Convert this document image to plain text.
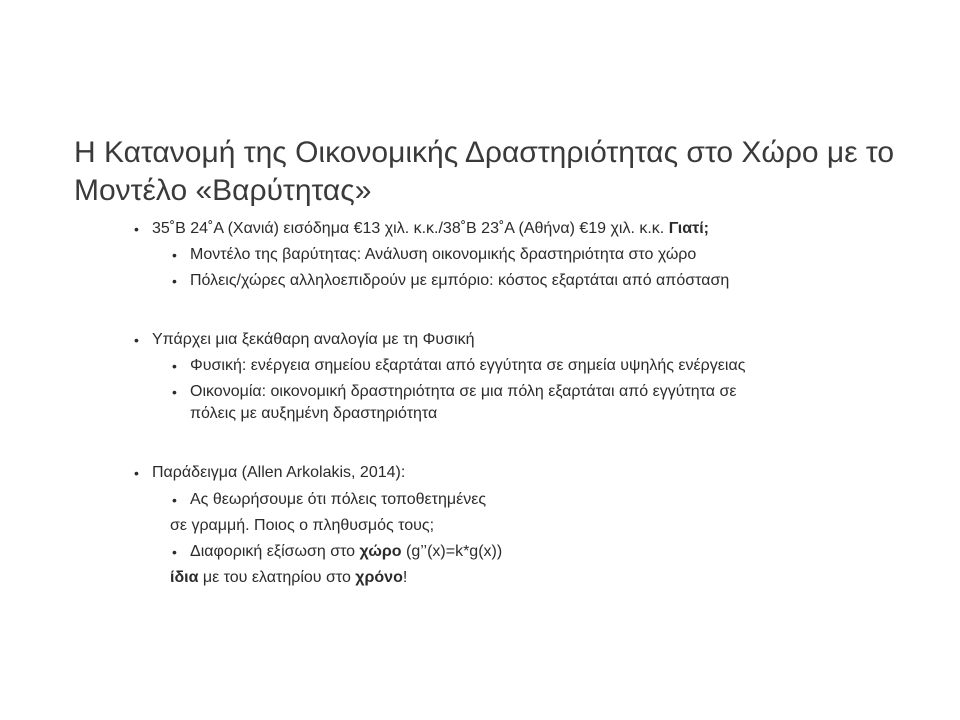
Η Κατανομή της Οικονομικής Δραστηριότητας στο Χώρο με το
Μοντέλο «Βαρύτητας»
• 35˚Β 24˚Α (Χανιά) εισόδημα €13 χιλ. κ.κ./38˚Β 23˚Α (Αθήνα) €19 χιλ. κ.κ. Γιατί;
• Μοντέλο της βαρύτητας: Ανάλυση οικονομικής δραστηριότητα στο χώρο
• Πόλεις/χώρες αλληλοεπιδρούν με εμπόριο: κόστος εξαρτάται από απόσταση
• Υπάρχει μια ξεκάθαρη αναλογία με τη Φυσική
• Φυσική: ενέργεια σημείου εξαρτάται από εγγύτητα σε σημεία υψηλής ενέργειας
• Οικονομία: οικονομική δραστηριότητα σε μια πόλη εξαρτάται από εγγύτητα σε
πόλεις με αυξημένη δραστηριότητα
• Παράδειγμα (Allen Arkolakis, 2014):
• Ας θεωρήσουμε ότι πόλεις τοποθετημένες
σε γραμμή. Ποιος ο πληθυσμός τους;
• Διαφορική εξίσωση στο χώρο (g’’(x)=k*g(x))
ίδια με του ελατηρίου στο χρόνο!
